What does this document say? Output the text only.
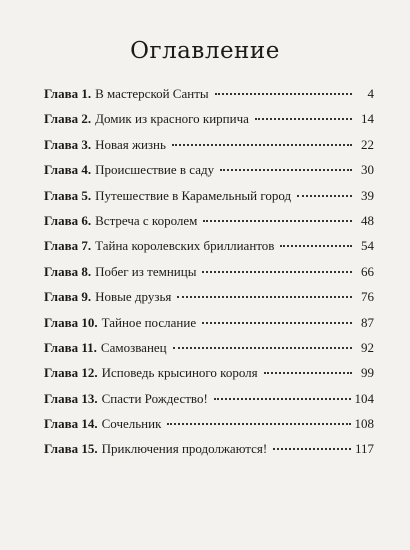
Оглавление
Глава 1. В мастерской Санты	4
Глава 2. Домик из красного кирпича	14
Глава 3. Новая жизнь	22
Глава 4. Происшествие в саду	30
Глава 5. Путешествие в Карамельный город	39
Глава 6. Встреча с королем	48
Глава 7. Тайна королевских бриллиантов	54
Глава 8. Побег из темницы	66
Глава 9. Новые друзья	76
Глава 10. Тайное послание	87
Глава 11. Самозванец	92
Глава 12. Исповедь крысиного короля	99
Глава 13. Спасти Рождество!	104
Глава 14. Сочельник	108
Глава 15. Приключения продолжаются!	117
